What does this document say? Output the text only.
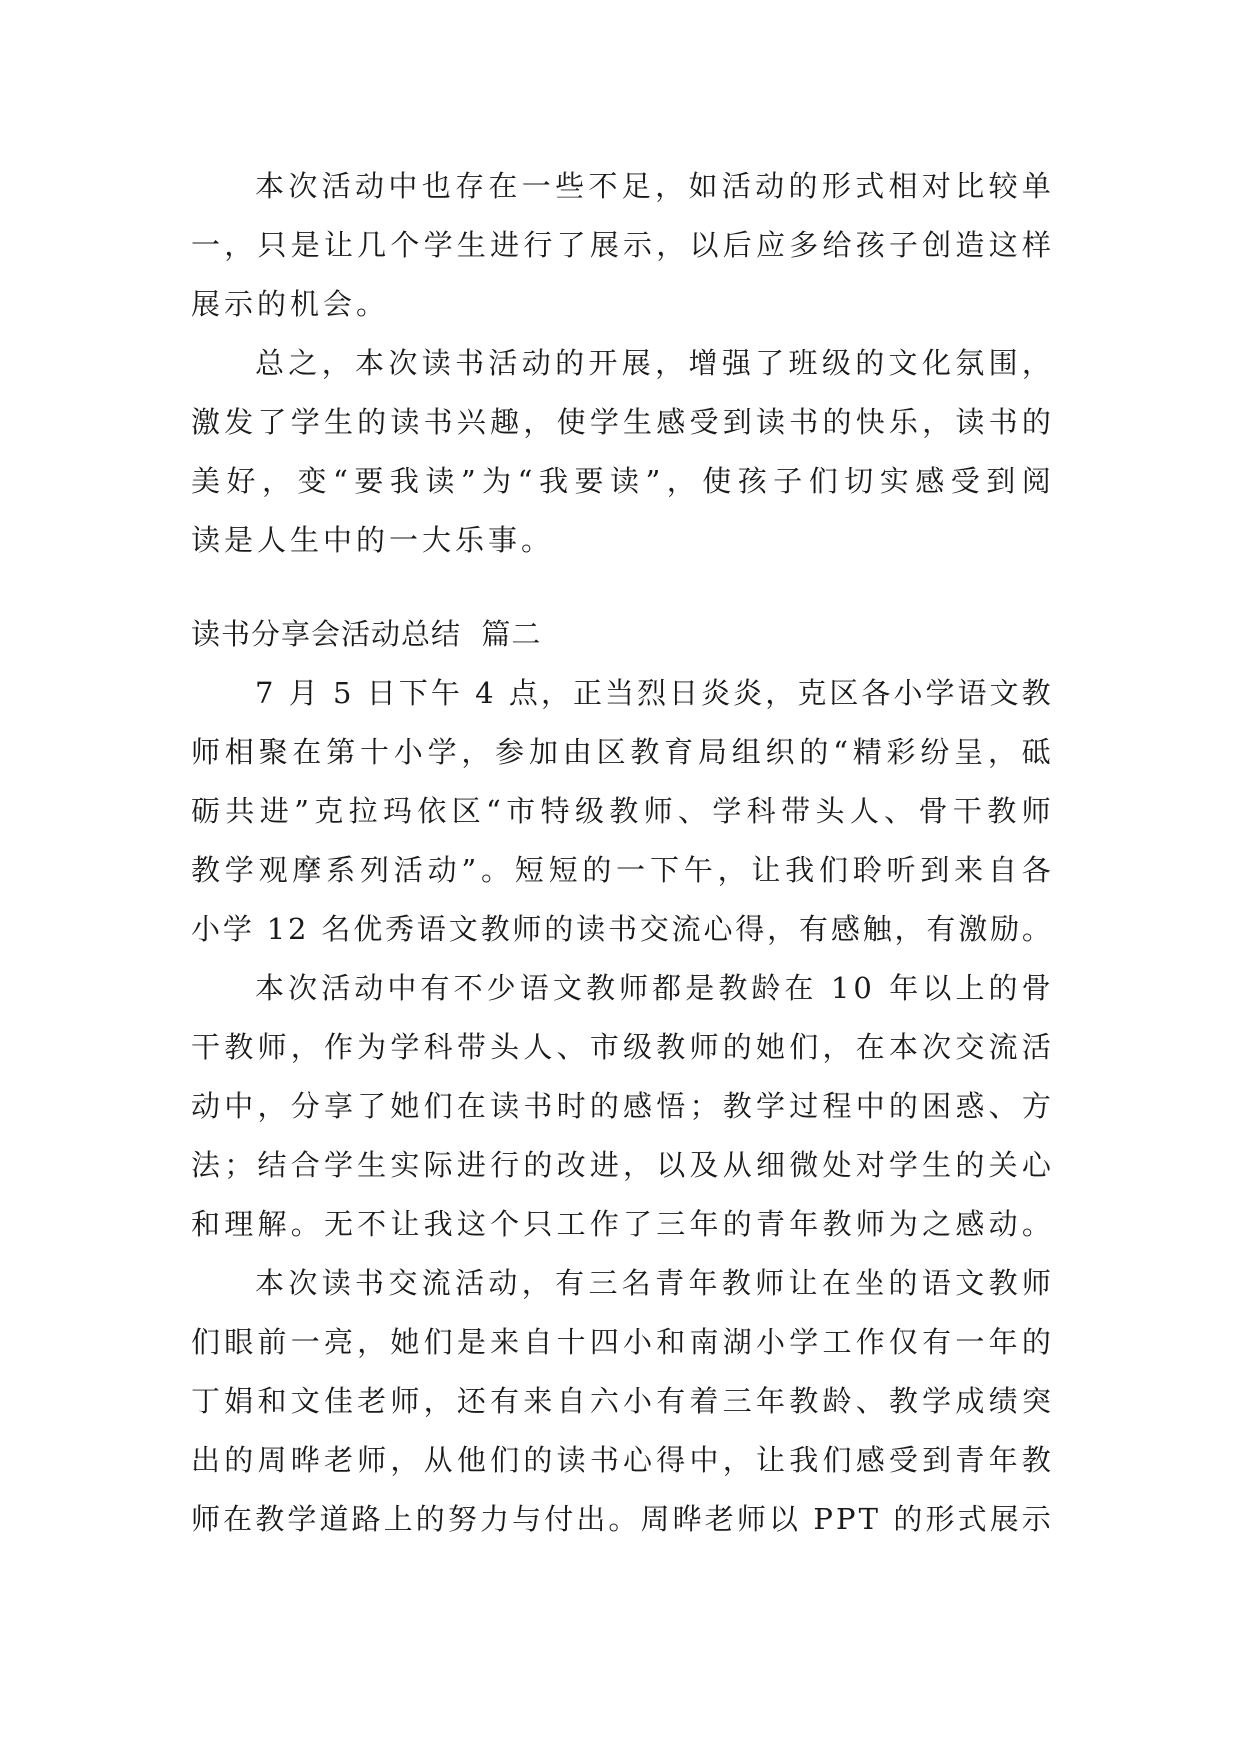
本 次 活 动 中 也 存 在 一 些 不 足 ， 如 活 动 的 形 式 相 对 比 较 单
一 ， 只 是 让 几 个 学 生 进 行 了 展 示 ， 以 后 应 多 给 孩 子 创 造 这 样
展示的机会。
总 之 ， 本 次 读 书 活 动 的 开 展 ， 增 强 了 班 级 的 文 化 氛 围 ，
激 发 了 学 生 的 读 书 兴 趣 ， 使 学 生 感 受 到 读 书 的 快 乐 ， 读 书 的
美 好 ， 变 “ 要 我 读 ” 为 “ 我 要 读 ” ， 使 孩 子 们 切 实 感 受 到 阅
读是人生中的一大乐事。
读书分享会活动总结  篇二
7
月
5
日 下 午
4
点 ， 正 当 烈 日 炎 炎 ， 克 区 各 小 学 语 文 教
师 相 聚 在 第 十 小 学 ， 参 加 由 区 教 育 局 组 织 的 “ 精 彩 纷 呈 ， 砥
砺 共 进 ” 克 拉 玛 依 区 “ 市 特 级 教 师 、 学 科 带 头 人 、 骨 干 教 师
教 学 观 摩 系 列 活 动 ” 。 短 短 的 一 下 午 ， 让 我 们 聆 听 到 来 自 各
小 学
1 2
名 优 秀 语 文 教 师 的 读 书 交 流 心 得 ， 有 感 触 ， 有 激 励 。
本 次 活 动 中 有 不 少 语 文 教 师 都 是 教 龄 在
1 0
年 以 上 的 骨
干 教 师 ， 作 为 学 科 带 头 人 、 市 级 教 师 的 她 们 ， 在 本 次 交 流 活
动 中 ， 分 享 了 她 们 在 读 书 时 的 感 悟 ； 教 学 过 程 中 的 困 惑 、 方
法 ； 结 合 学 生 实 际 进 行 的 改 进 ， 以 及 从 细 微 处 对 学 生 的 关 心
和 理 解 。 无 不 让 我 这 个 只 工 作 了 三 年 的 青 年 教 师 为 之 感 动 。
本 次 读 书 交 流 活 动 ， 有 三 名 青 年 教 师 让 在 坐 的 语 文 教 师
们 眼 前 一 亮 ， 她 们 是 来 自 十 四 小 和 南 湖 小 学 工 作 仅 有 一 年 的
丁 娟 和 文 佳 老 师 ， 还 有 来 自 六 小 有 着 三 年 教 龄 、 教 学 成 绩 突
出 的 周 晔 老 师 ， 从 他 们 的 读 书 心 得 中 ， 让 我 们 感 受 到 青 年 教
师 在 教 学 道 路 上 的 努 力 与 付 出 。 周 晔 老 师 以
P P T
的 形 式 展 示
